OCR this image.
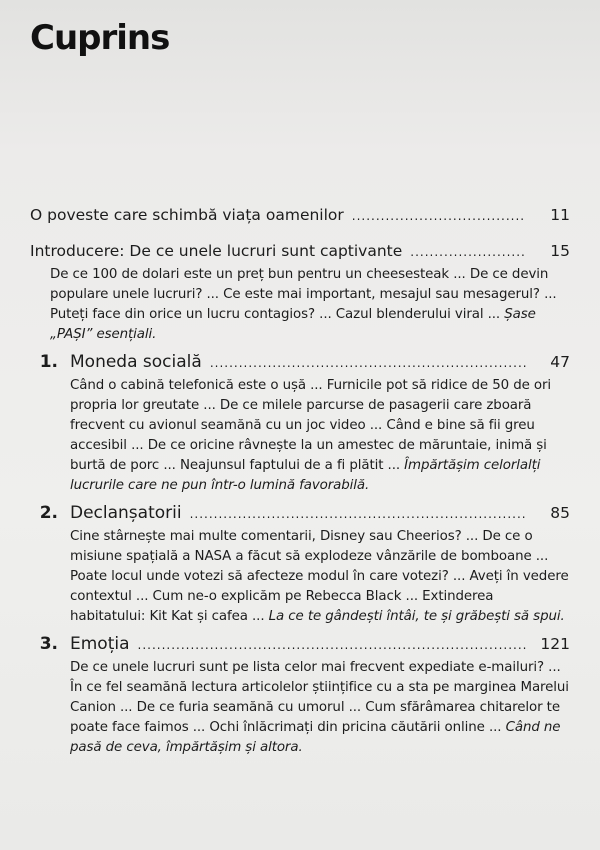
Cuprins
O poveste care schimbă viața oamenilor .....	11
Introducere: De ce unele lucruri sunt captivante .....	15
De ce 100 de dolari este un preț bun pentru un cheesesteak ... De ce devin populare unele lucruri? ... Ce este mai important, mesajul sau mesagerul? ... Puteți face din orice un lucru contagios? ... Cazul blenderului viral ... Șase „PAȘI” esențiali.
1. Moneda socială .....	47
Când o cabină telefonică este o ușă ... Furnicile pot să ridice de 50 de ori propria lor greutate ... De ce milele parcurse de pasagerii care zboară frecvent cu avionul seamănă cu un joc video ... Când e bine să fii greu accesibil ... De ce oricine râvnește la un amestec de măruntaie, inimă și burtă de porc ... Neajunsul faptului de a fi plătit ... Împărtășim celorlalți lucrurile care ne pun într-o lumină favorabilă.
2. Declanșatorii .....	85
Cine stârnește mai multe comentarii, Disney sau Cheerios? ... De ce o misiune spațială a NASA a făcut să explodeze vânzările de bomboane ... Poate locul unde votezi să afecteze modul în care votezi? ... Aveți în vedere contextul ... Cum ne-o explicăm pe Rebecca Black ... Extinderea habitatului: Kit Kat și cafea ... La ce te gândești întâi, te și grăbești să spui.
3. Emoția .....	121
De ce unele lucruri sunt pe lista celor mai frecvent expediate e-mailuri? ... În ce fel seamănă lectura articolelor științifice cu a sta pe marginea Marelui Canion ... De ce furia seamănă cu umorul ... Cum sfărâmarea chitarelor te poate face faimos ... Ochi înlăcrimați din pricina căutării online ... Când ne pasă de ceva, împărtășim și altora.
